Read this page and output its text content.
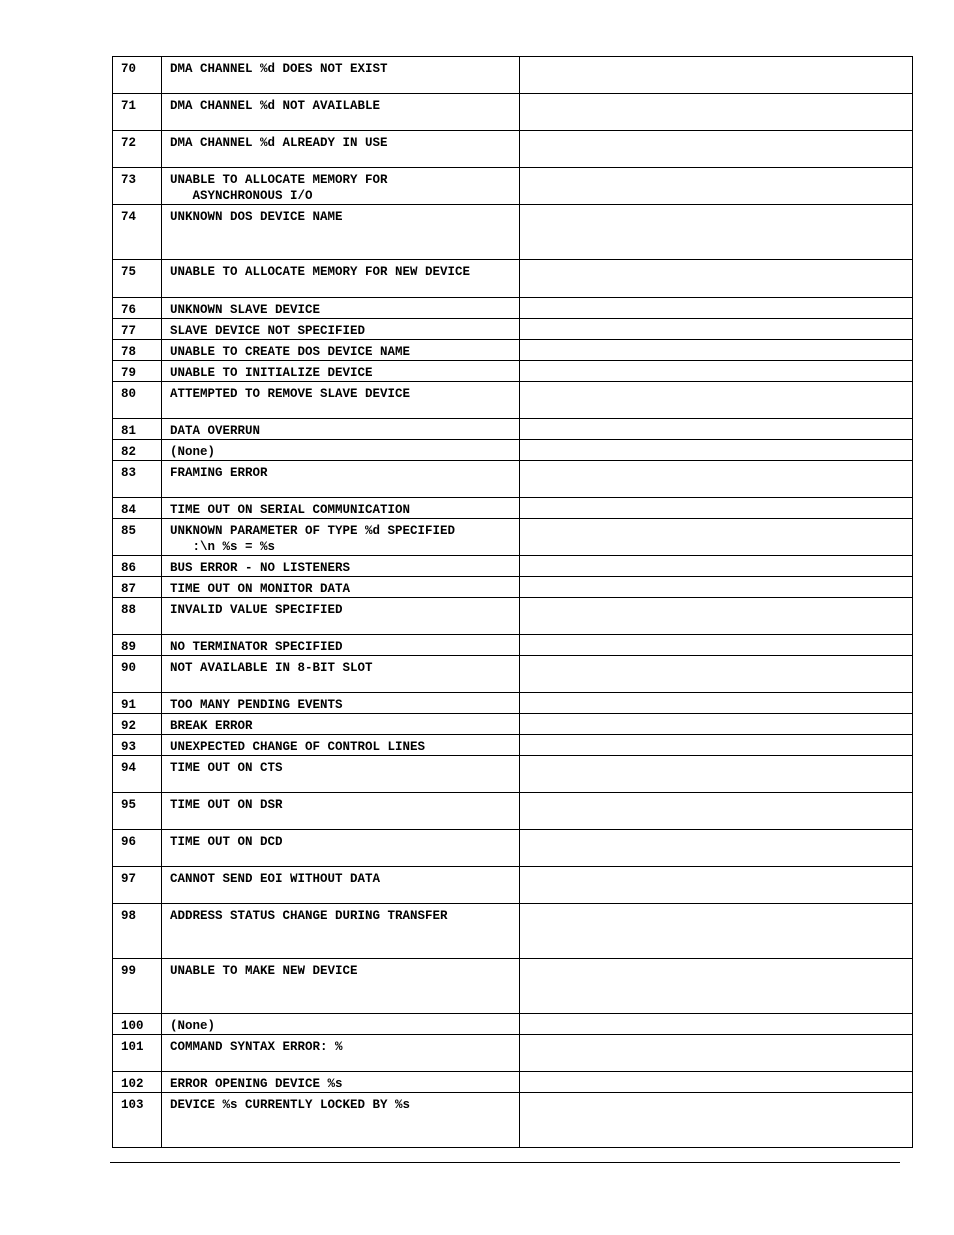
70	DMA CHANNEL %d DOES NOT EXIST	
71	DMA CHANNEL %d NOT AVAILABLE	
72	DMA CHANNEL %d ALREADY IN USE	
73	UNABLE TO ALLOCATE MEMORY FOR
ASYNCHRONOUS I/O	
74	UNKNOWN DOS DEVICE NAME	
75	UNABLE TO ALLOCATE MEMORY FOR NEW DEVICE	
76	UNKNOWN SLAVE DEVICE	
77	SLAVE DEVICE NOT SPECIFIED	
78	UNABLE TO CREATE DOS DEVICE NAME	
79	UNABLE TO INITIALIZE DEVICE	
80	ATTEMPTED TO REMOVE SLAVE DEVICE	
81	DATA OVERRUN	
82	(None)	
83	FRAMING ERROR	
84	TIME OUT ON SERIAL COMMUNICATION	
85	UNKNOWN PARAMETER OF TYPE %d SPECIFIED
:\n %s = %s	
86	BUS ERROR - NO LISTENERS	
87	TIME OUT ON MONITOR DATA	
88	INVALID VALUE SPECIFIED	
89	NO TERMINATOR SPECIFIED	
90	NOT AVAILABLE IN 8-BIT SLOT	
91	TOO MANY PENDING EVENTS	
92	BREAK ERROR	
93	UNEXPECTED CHANGE OF CONTROL LINES	
94	TIME OUT ON CTS	
95	TIME OUT ON DSR	
96	TIME OUT ON DCD	
97	CANNOT SEND EOI WITHOUT DATA	
98	ADDRESS STATUS CHANGE DURING TRANSFER	
99	UNABLE TO MAKE NEW DEVICE	
100	(None)	
101	COMMAND SYNTAX ERROR: %	
102	ERROR OPENING DEVICE %s	
103	DEVICE %s CURRENTLY LOCKED BY %s	
